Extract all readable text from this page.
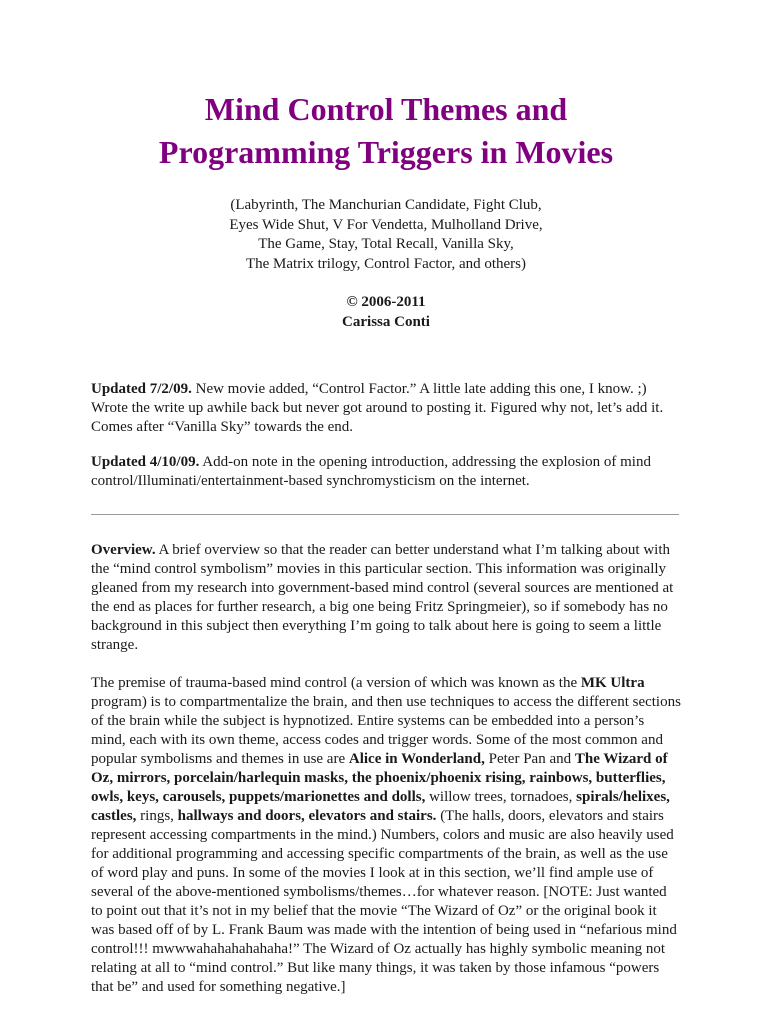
Mind Control Themes and
Programming Triggers in Movies
(Labyrinth, The Manchurian Candidate, Fight Club,
Eyes Wide Shut, V For Vendetta, Mulholland Drive,
The Game, Stay, Total Recall, Vanilla Sky,
The Matrix trilogy, Control Factor, and others)
© 2006-2011
Carissa Conti

Updated 7/2/09. New movie added, “Control Factor.” A little late adding this one, I know. ;) Wrote the write up awhile back but never got around to posting it. Figured why not, let’s add it. Comes after “Vanilla Sky” towards the end.

Updated 4/10/09. Add-on note in the opening introduction, addressing the explosion of mind control/Illuminati/entertainment-based synchromysticism on the internet.

Overview. A brief overview so that the reader can better understand what I’m talking about with the “mind control symbolism” movies in this particular section. This information was originally gleaned from my research into government-based mind control (several sources are mentioned at the end as places for further research, a big one being Fritz Springmeier), so if somebody has no background in this subject then everything I’m going to talk about here is going to seem a little strange.

The premise of trauma-based mind control (a version of which was known as the MK Ultra program) is to compartmentalize the brain, and then use techniques to access the different sections of the brain while the subject is hypnotized. Entire systems can be embedded into a person’s mind, each with its own theme, access codes and trigger words. Some of the most common and popular symbolisms and themes in use are Alice in Wonderland, Peter Pan and The Wizard of Oz, mirrors, porcelain/harlequin masks, the phoenix/phoenix rising, rainbows, butterflies, owls, keys, carousels, puppets/marionettes and dolls, willow trees, tornadoes, spirals/helixes, castles, rings, hallways and doors, elevators and stairs. (The halls, doors, elevators and stairs represent accessing compartments in the mind.) Numbers, colors and music are also heavily used for additional programming and accessing specific compartments of the brain, as well as the use of word play and puns. In some of the movies I look at in this section, we’ll find ample use of several of the above-mentioned symbolisms/themes…for whatever reason. [NOTE: Just wanted to point out that it’s not in my belief that the movie “The Wizard of Oz” or the original book it was based off of by L. Frank Baum was made with the intention of being used in “nefarious mind control!!! mwwwahahahahahaha!” The Wizard of Oz actually has highly symbolic meaning not relating at all to “mind control.” But like many things, it was taken by those infamous “powers that be” and used for something negative.]
